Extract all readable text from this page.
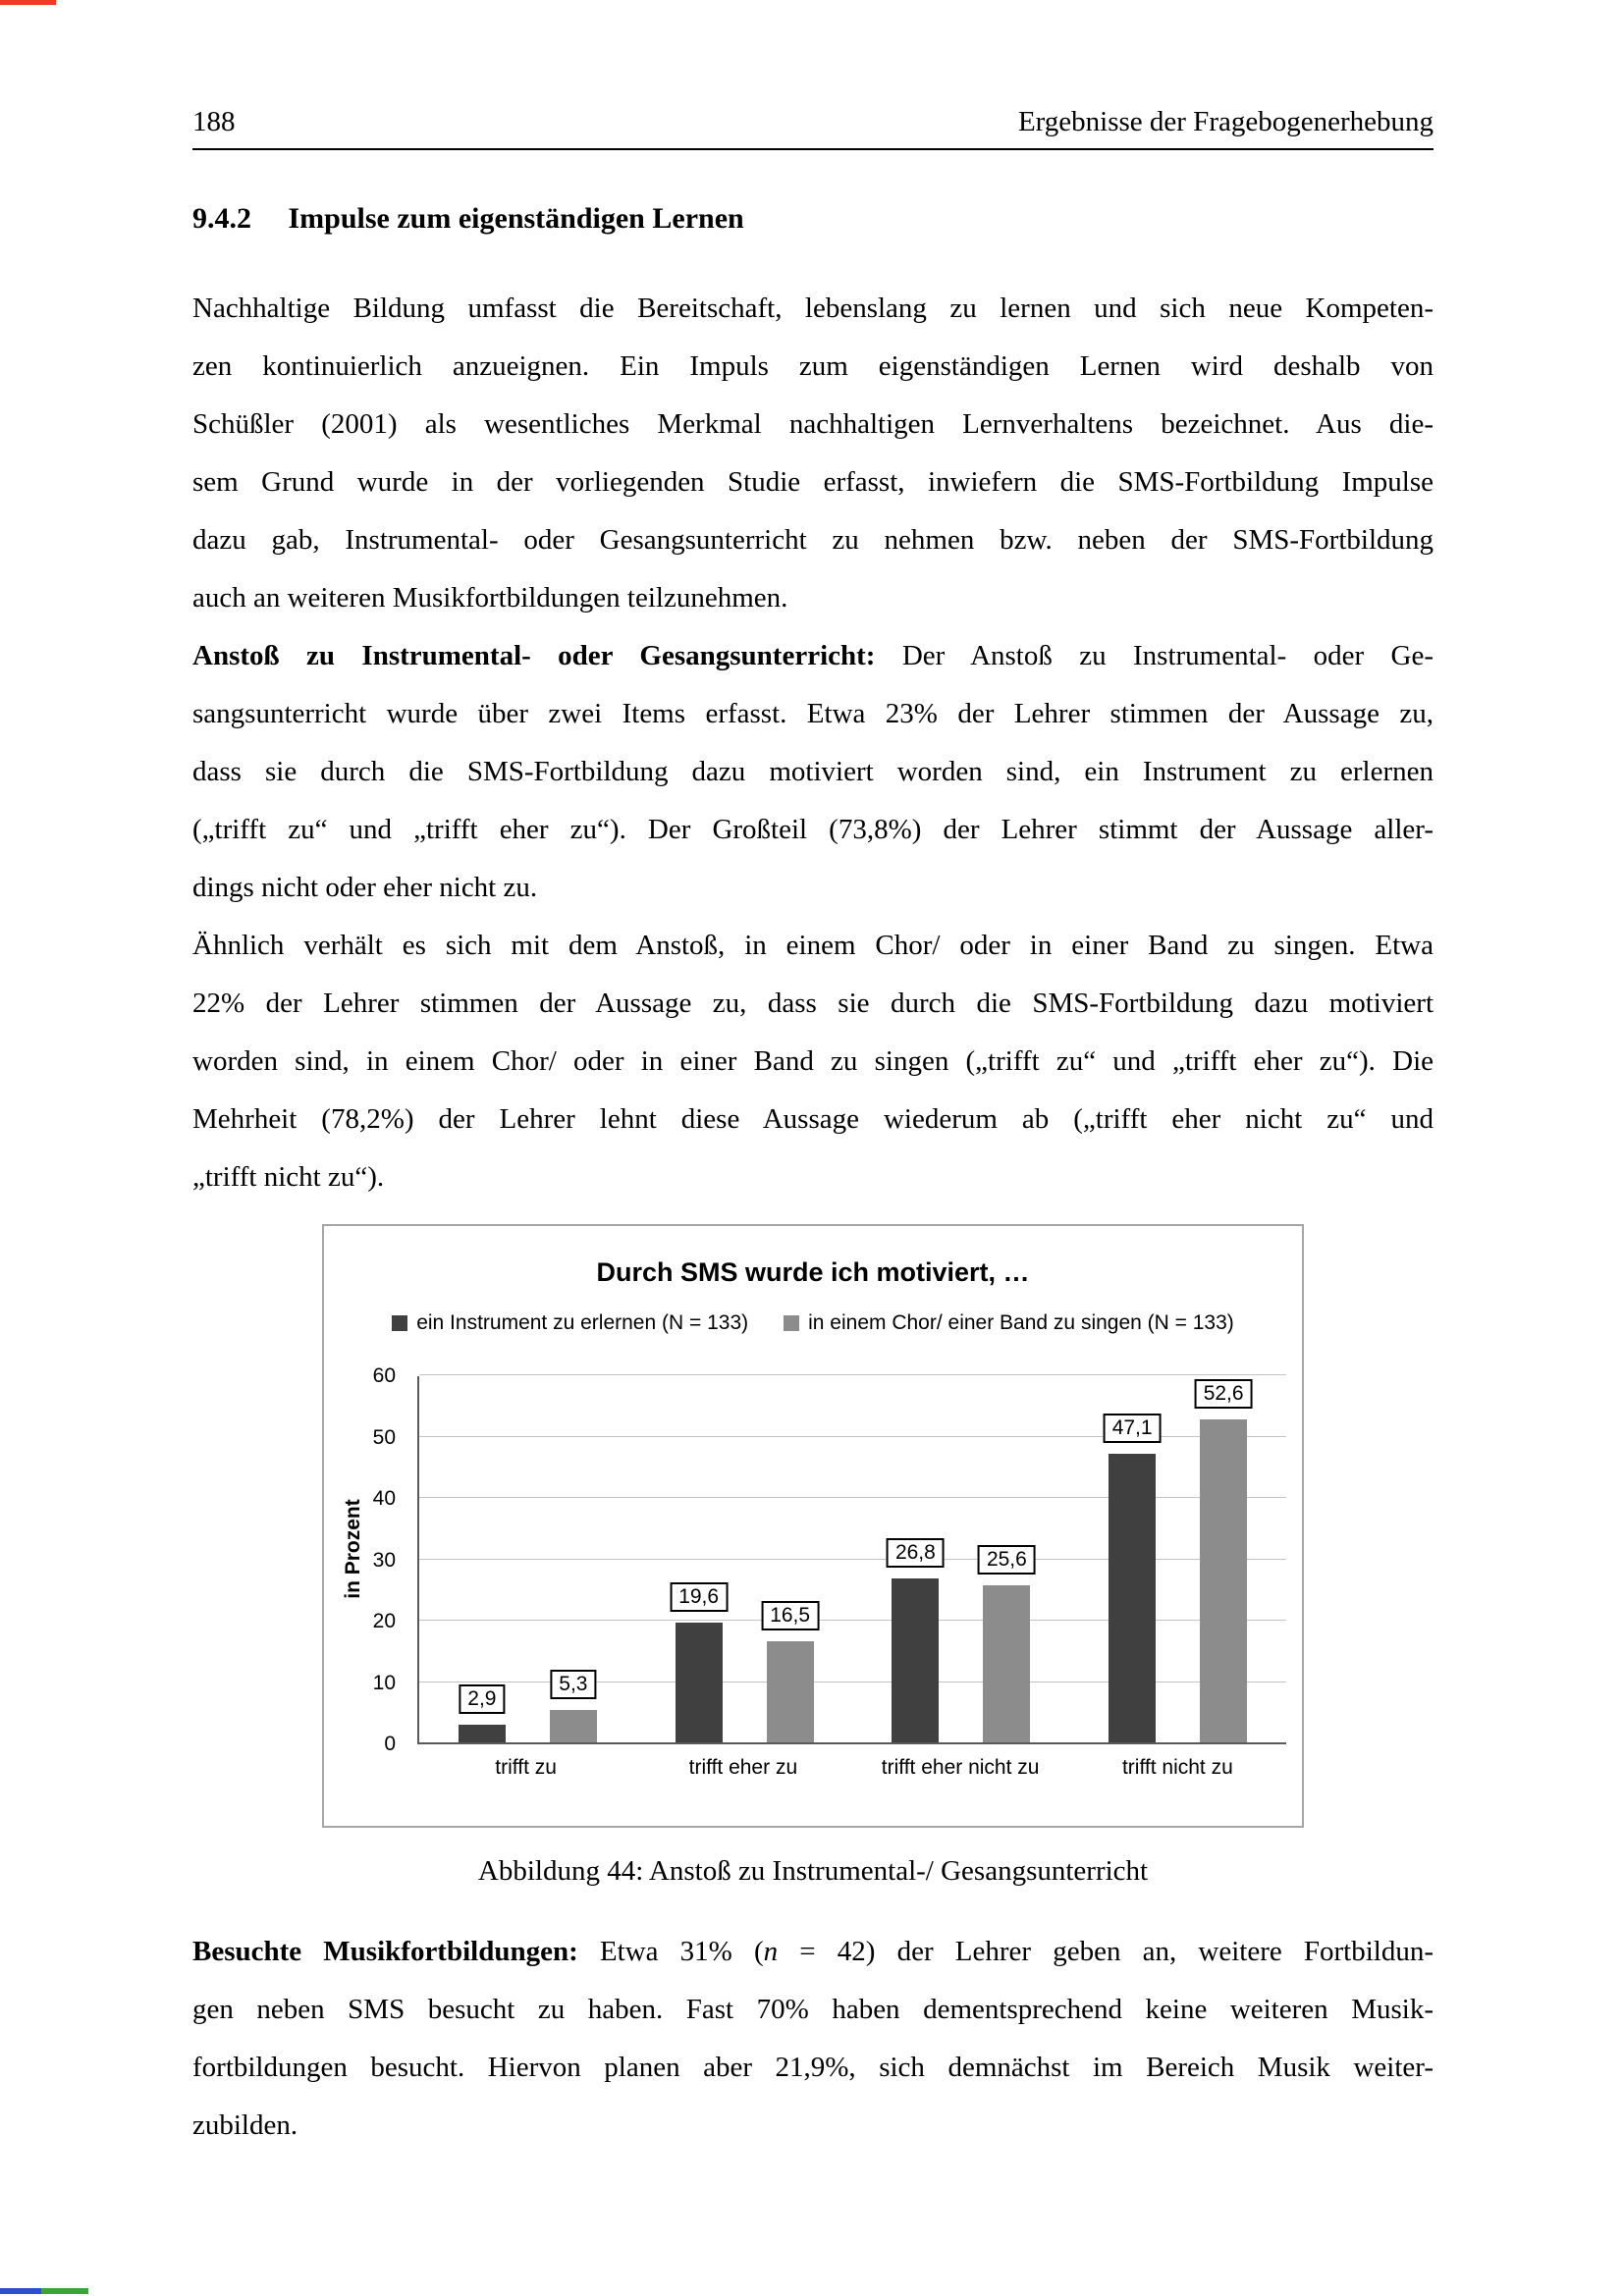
188	Ergebnisse der Fragebogenerhebung
9.4.2 Impulse zum eigenständigen Lernen
Nachhaltige Bildung umfasst die Bereitschaft, lebenslang zu lernen und sich neue Kompeten-
zen kontinuierlich anzueignen. Ein Impuls zum eigenständigen Lernen wird deshalb von
Schüßler (2001) als wesentliches Merkmal nachhaltigen Lernverhaltens bezeichnet. Aus die-
sem Grund wurde in der vorliegenden Studie erfasst, inwiefern die SMS-Fortbildung Impulse
dazu gab, Instrumental- oder Gesangsunterricht zu nehmen bzw. neben der SMS-Fortbildung
auch an weiteren Musikfortbildungen teilzunehmen.
Anstoß zu Instrumental- oder Gesangsunterricht: Der Anstoß zu Instrumental- oder Ge-
sangsunterricht wurde über zwei Items erfasst. Etwa 23% der Lehrer stimmen der Aussage zu,
dass sie durch die SMS-Fortbildung dazu motiviert worden sind, ein Instrument zu erlernen
(„trifft zu“ und „trifft eher zu“). Der Großteil (73,8%) der Lehrer stimmt der Aussage aller-
dings nicht oder eher nicht zu.
Ähnlich verhält es sich mit dem Anstoß, in einem Chor/ oder in einer Band zu singen. Etwa
22% der Lehrer stimmen der Aussage zu, dass sie durch die SMS-Fortbildung dazu motiviert
worden sind, in einem Chor/ oder in einer Band zu singen („trifft zu“ und „trifft eher zu“). Die
Mehrheit (78,2%) der Lehrer lehnt diese Aussage wiederum ab („trifft eher nicht zu“ und
„trifft nicht zu“).
Durch SMS wurde ich motiviert, …
ein Instrument zu erlernen (N = 133)	in einem Chor/ einer Band zu singen (N = 133)
in Prozent
0
10
20
30
40
50
60
2,9
5,3
19,6
16,5
26,8	25,6
47,1
52,6
trifft zu	trifft eher zu	trifft eher nicht zu	trifft nicht zu
Abbildung 44: Anstoß zu Instrumental-/ Gesangsunterricht
Besuchte Musikfortbildungen: Etwa 31% (n = 42) der Lehrer geben an, weitere Fortbildun-
gen neben SMS besucht zu haben. Fast 70% haben dementsprechend keine weiteren Musik-
fortbildungen besucht. Hiervon planen aber 21,9%, sich demnächst im Bereich Musik weiter-
zubilden.
